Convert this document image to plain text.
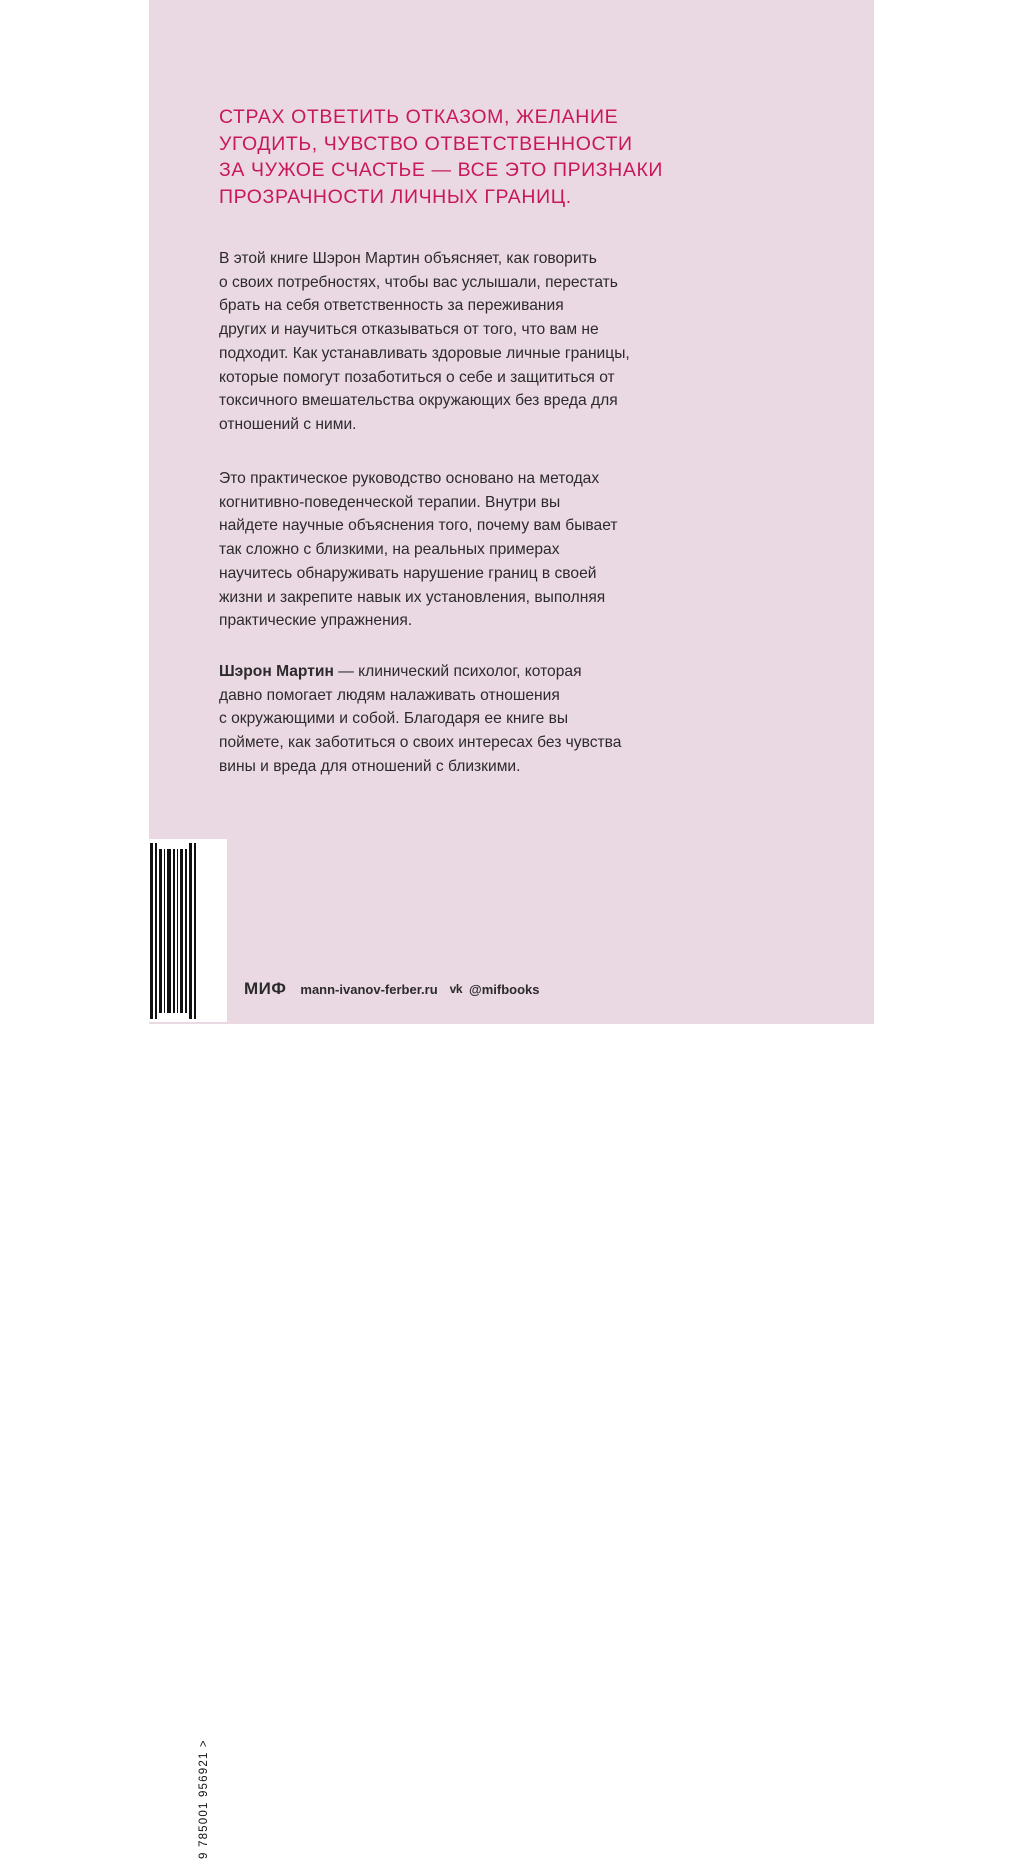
СТРАХ ОТВЕТИТЬ ОТКАЗОМ, ЖЕЛАНИЕ
УГОДИТЬ, ЧУВСТВО ОТВЕТСТВЕННОСТИ
ЗА ЧУЖОЕ СЧАСТЬЕ — ВСЕ ЭТО ПРИЗНАКИ
ПРОЗРАЧНОСТИ ЛИЧНЫХ ГРАНИЦ.

В этой книге Шэрон Мартин объясняет, как говорить
о своих потребностях, чтобы вас услышали, перестать
брать на себя ответственность за переживания
других и научиться отказываться от того, что вам не
подходит. Как устанавливать здоровые личные границы,
которые помогут позаботиться о себе и защититься от
токсичного вмешательства окружающих без вреда для
отношений с ними.

Это практическое руководство основано на методах
когнитивно-поведенческой терапии. Внутри вы
найдете научные объяснения того, почему вам бывает
так сложно с близкими, на реальных примерах
научитесь обнаруживать нарушение границ в своей
жизни и закрепите навык их установления, выполняя
практические упражнения.

Шэрон Мартин — клинический психолог, которая
давно помогает людям налаживать отношения
с окружающими и собой. Благодаря ее книге вы
поймете, как заботиться о своих интересах без чувства
вины и вреда для отношений с близкими.

9 785001 956921 >
МИФ mann-ivanov-ferber.ru vk @mifbooks
